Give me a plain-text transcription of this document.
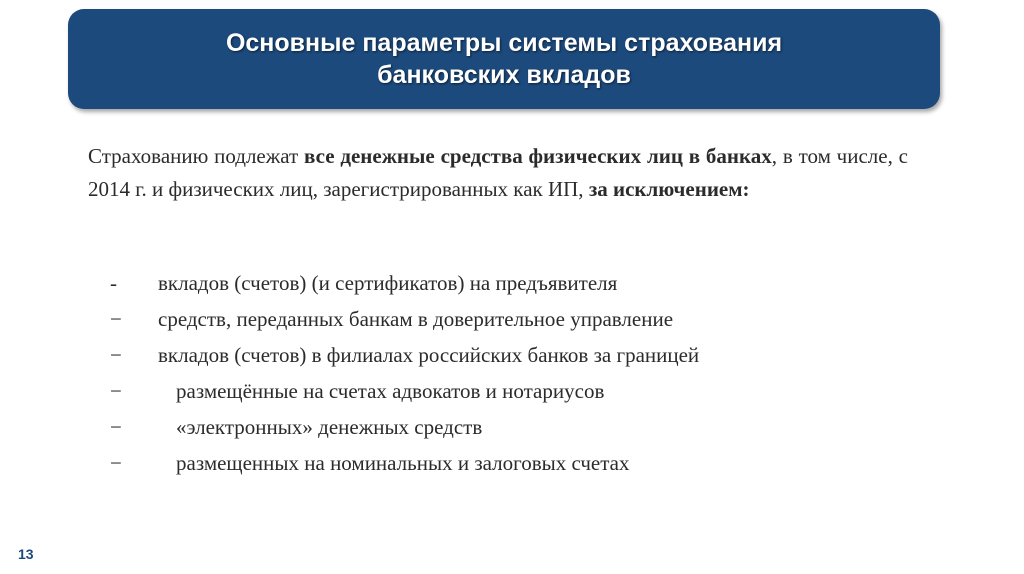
Основные параметры системы страхования
банковских вкладов
Страхованию подлежат все денежные средства физических лиц в банках, в том числе, с 2014 г. и физических лиц, зарегистрированных как ИП, за исключением:
- вкладов (счетов) (и сертификатов) на предъявителя
− средств, переданных банкам в доверительное управление
− вкладов (счетов) в филиалах российских банков за границей
−	размещённые на счетах адвокатов и нотариусов
−	«электронных» денежных средств
−	размещенных на номинальных и залоговых счетах
13
